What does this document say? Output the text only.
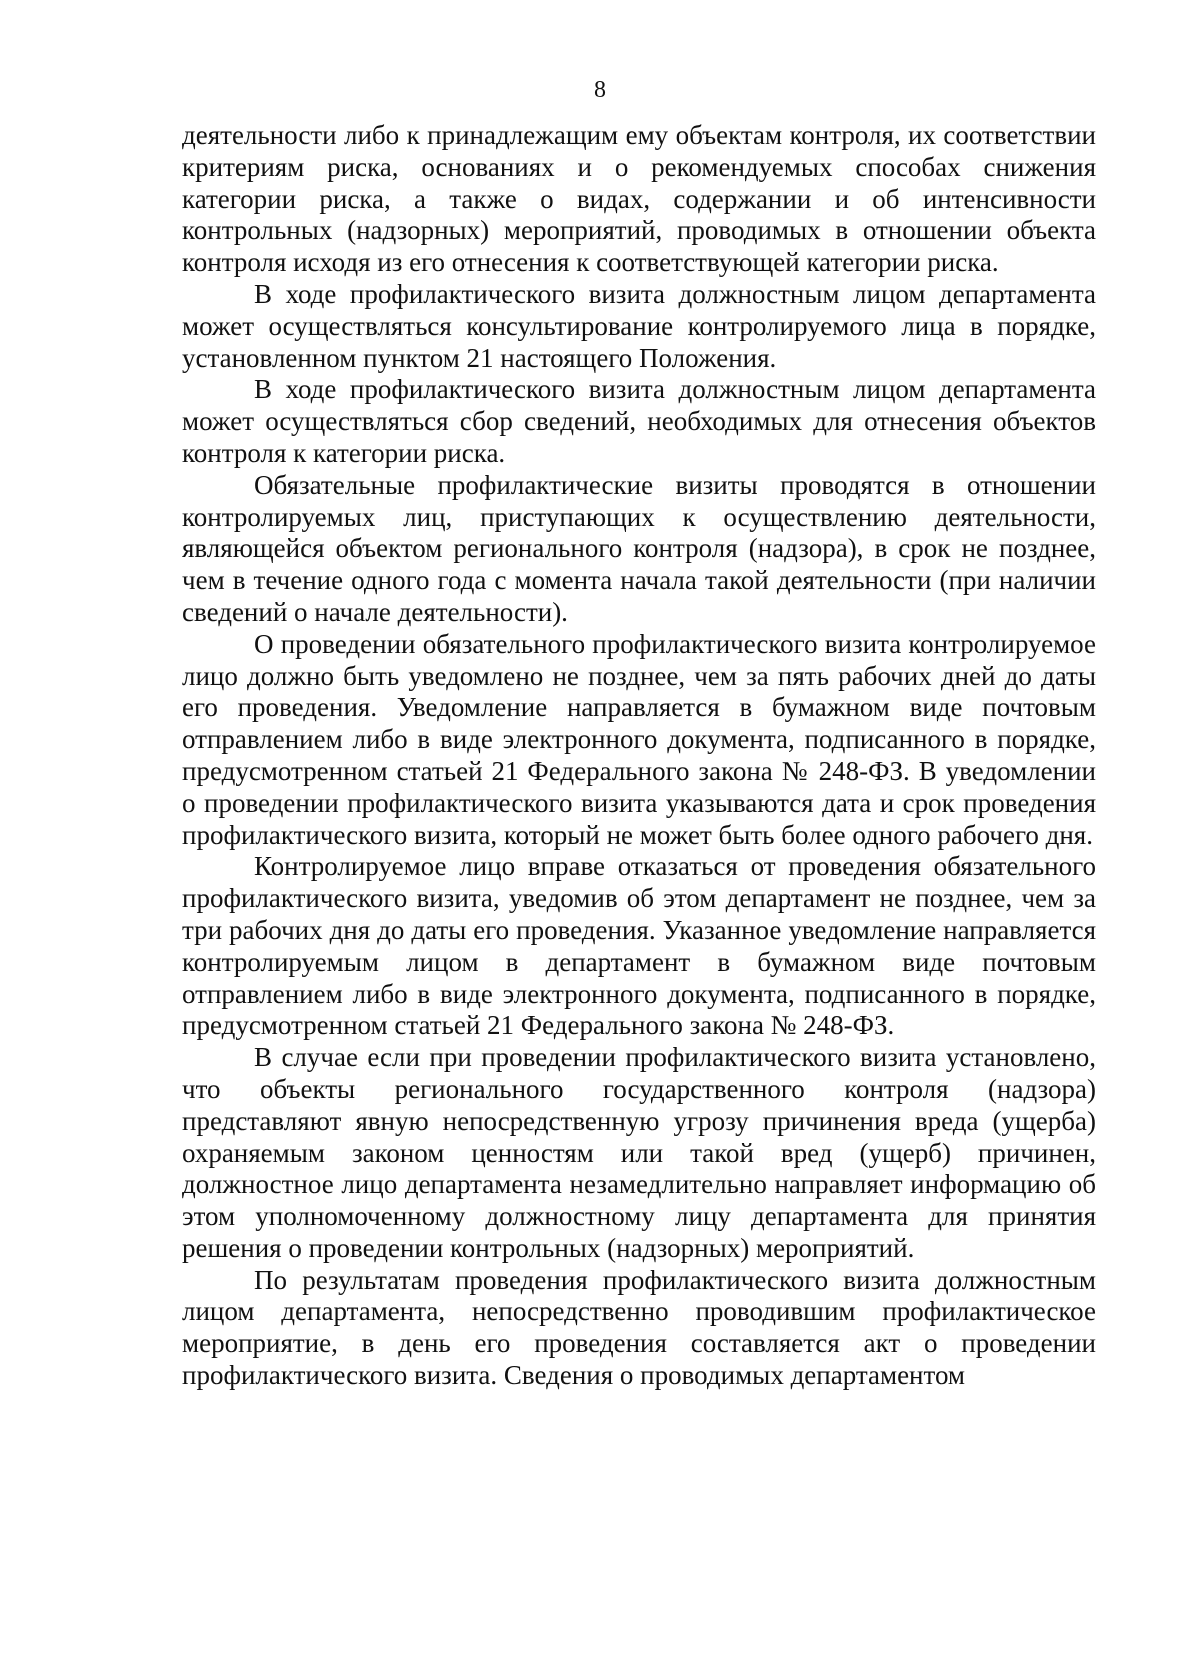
8

деятельности либо к принадлежащим ему объектам контроля, их соответствии критериям риска, основаниях и о рекомендуемых способах снижения категории риска, а также о видах, содержании и об интенсивности контрольных (надзорных) мероприятий, проводимых в отношении объекта контроля исходя из его отнесения к соответствующей категории риска.

В ходе профилактического визита должностным лицом департамента может осуществляться консультирование контролируемого лица в порядке, установленном пунктом 21 настоящего Положения.

В ходе профилактического визита должностным лицом департамента может осуществляться сбор сведений, необходимых для отнесения объектов контроля к категории риска.

Обязательные профилактические визиты проводятся в отношении контролируемых лиц, приступающих к осуществлению деятельности, являющейся объектом регионального контроля (надзора), в срок не позднее, чем в течение одного года с момента начала такой деятельности (при наличии сведений о начале деятельности).

О проведении обязательного профилактического визита контролируемое лицо должно быть уведомлено не позднее, чем за пять рабочих дней до даты его проведения. Уведомление направляется в бумажном виде почтовым отправлением либо в виде электронного документа, подписанного в порядке, предусмотренном статьей 21 Федерального закона № 248-ФЗ. В уведомлении о проведении профилактического визита указываются дата и срок проведения профилактического визита, который не может быть более одного рабочего дня.

Контролируемое лицо вправе отказаться от проведения обязательного профилактического визита, уведомив об этом департамент не позднее, чем за три рабочих дня до даты его проведения. Указанное уведомление направляется контролируемым лицом в департамент в бумажном виде почтовым отправлением либо в виде электронного документа, подписанного в порядке, предусмотренном статьей 21 Федерального закона № 248-ФЗ.

В случае если при проведении профилактического визита установлено, что объекты регионального государственного контроля (надзора) представляют явную непосредственную угрозу причинения вреда (ущерба) охраняемым законом ценностям или такой вред (ущерб) причинен, должностное лицо департамента незамедлительно направляет информацию об этом уполномоченному должностному лицу департамента для принятия решения о проведении контрольных (надзорных) мероприятий.

По результатам проведения профилактического визита должностным лицом департамента, непосредственно проводившим профилактическое мероприятие, в день его проведения составляется акт о проведении профилактического визита. Сведения о проводимых департаментом
